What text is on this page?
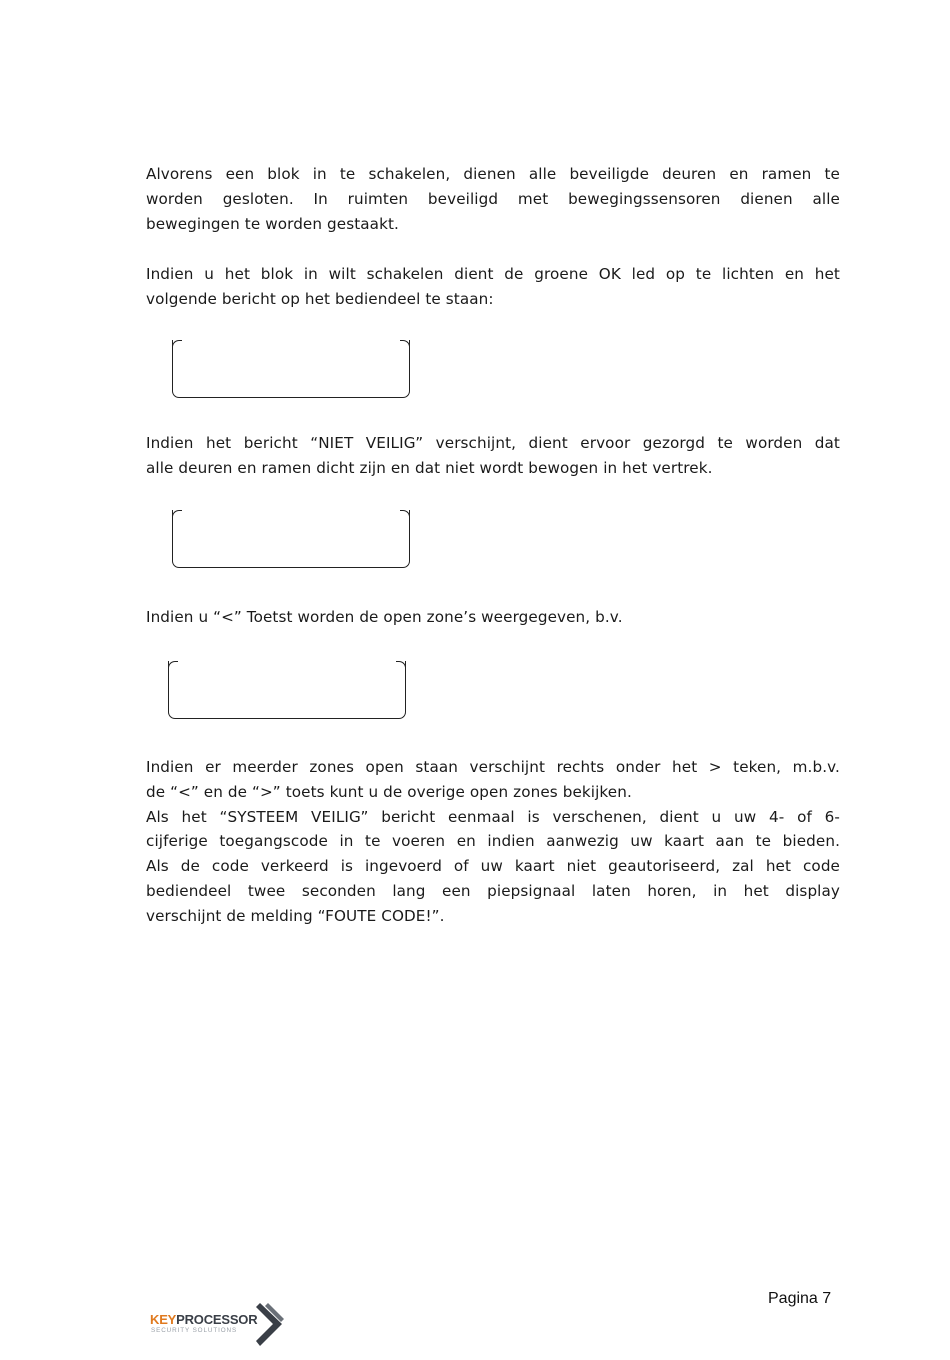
Alvorens een blok in te schakelen, dienen alle beveiligde deuren en ramen te
worden gesloten. In ruimten beveiligd met bewegingssensoren dienen alle
bewegingen te worden gestaakt.
Indien u het blok in wilt schakelen dient de groene OK led op te lichten en het
volgende bericht op het bediendeel te staan:
Indien het bericht “NIET VEILIG” verschijnt, dient ervoor gezorgd te worden dat
alle deuren en ramen dicht zijn en dat niet wordt bewogen in het vertrek.
Indien u “<” Toetst worden de open zone’s weergegeven, b.v.
Indien er meerder zones open staan verschijnt rechts onder het > teken, m.b.v.
de “<” en de “>” toets kunt u de overige open zones bekijken.
Als het “SYSTEEM VEILIG” bericht eenmaal is verschenen, dient u uw 4- of 6-
cijferige toegangscode in te voeren en indien aanwezig uw kaart aan te bieden.
Als de code verkeerd is ingevoerd of uw kaart niet geautoriseerd, zal het code
bediendeel twee seconden lang een piepsignaal laten horen, in het display
verschijnt de melding “FOUTE CODE!”.
Pagina 7
KEYPROCESSOR
SECURITY SOLUTIONS
